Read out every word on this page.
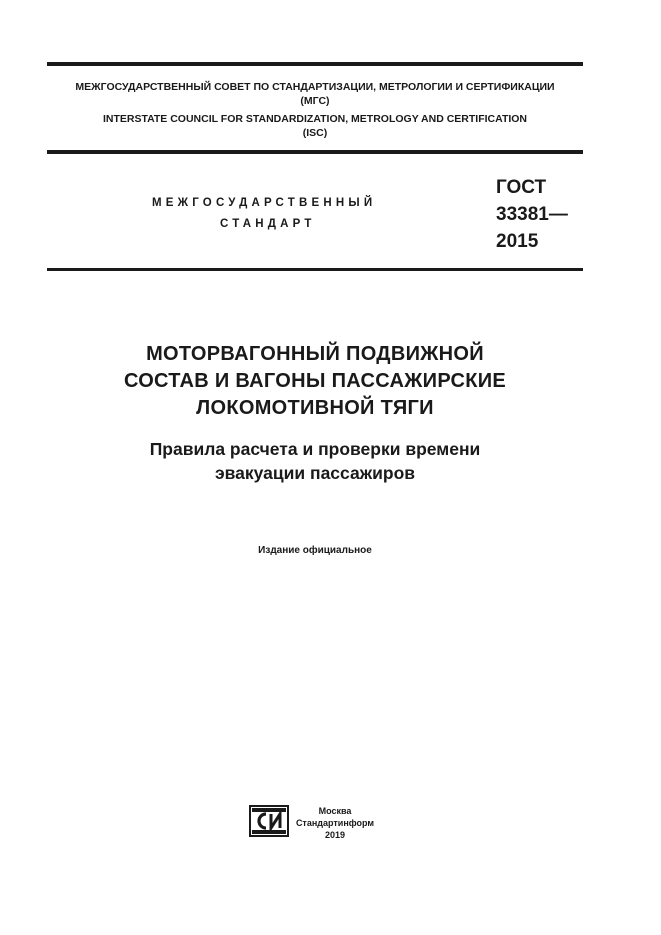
МЕЖГОСУДАРСТВЕННЫЙ СОВЕТ ПО СТАНДАРТИЗАЦИИ, МЕТРОЛОГИИ И СЕРТИФИКАЦИИ
(МГС)
INTERSTATE COUNCIL FOR STANDARDIZATION, METROLOGY AND CERTIFICATION
(ISC)
МЕЖГОСУДАРСТВЕННЫЙ
СТАНДАРТ
ГОСТ
33381—
2015
МОТОРВАГОННЫЙ ПОДВИЖНОЙ
СОСТАВ И ВАГОНЫ ПАССАЖИРСКИЕ
ЛОКОМОТИВНОЙ ТЯГИ
Правила расчета и проверки времени
эвакуации пассажиров
Издание официальное
Москва
Стандартинформ
2019
